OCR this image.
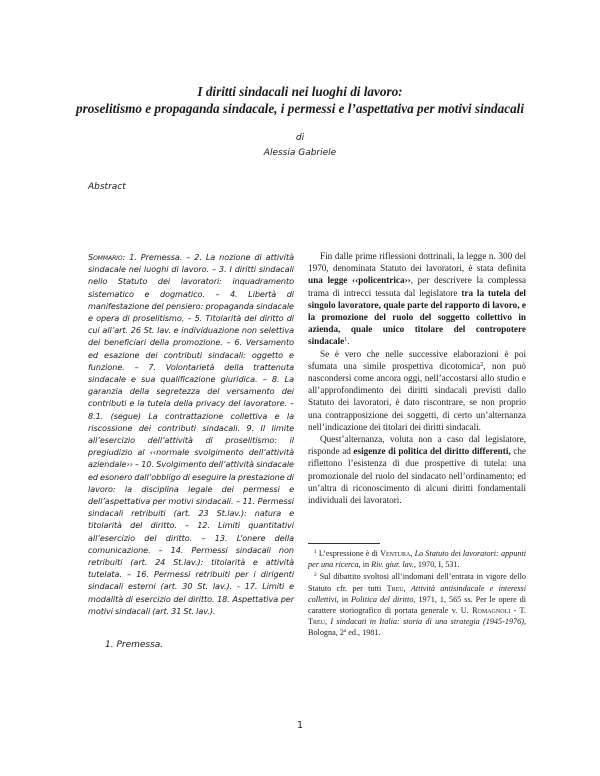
I diritti sindacali nei luoghi di lavoro:
proselitismo e propaganda sindacale, i permessi e l’aspettativa per motivi sindacali
di
Alessia Gabriele
Abstract
Sommario: 1. Premessa. – 2. La nozione di attività sindacale nei luoghi di lavoro. – 3. I diritti sindacali nello Statuto dei lavoratori: inquadramento sistematico e dogmatico. – 4. Libertà di manifestazione del pensiero: propaganda sindacale e opera di proselitismo. – 5. Titolarità del diritto di cui all’art. 26 St. lav. e individuazione non selettiva dei beneficiari della promozione. – 6. Versamento ed esazione dei contributi sindacali: oggetto e funzione. – 7. Volontarietà della trattenuta sindacale e sua qualificazione giuridica. – 8. La garanzia della segretezza del versamento dei contributi e la tutela della privacy del lavoratore. – 8.1. (segue) La contrattazione collettiva e la riscossione dei contributi sindacali. 9. Il limite all’esercizio dell’attività di proselitismo: il pregiudizio al ‹‹normale svolgimento dell’attività aziendale›› – 10. Svolgimento dell’attività sindacale ed esonero dall’obbligo di eseguire la prestazione di lavoro: la disciplina legale dei permessi e dell’aspettativa per motivi sindacali. – 11. Permessi sindacali retribuiti (art. 23 St.lav.): natura e titolarità del diritto. – 12. Limiti quantitativi all’esercizio del diritto. – 13. L’onere della comunicazione. – 14. Permessi sindacali non retribuiti (art. 24 St.lav.): titolarità e attività tutelata. – 16. Permessi retribuiti per i dirigenti sindacali esterni (art. 30 St. lav.). - 17. Limiti e modalità di esercizio del diritto. 18. Aspettativa per motivi sindacali (art. 31 St. lav.).
1. Premessa.

Fin dalle prime riflessioni dottrinali, la legge n. 300 del 1970, denominata Statuto dei lavoratori, è stata definita una legge ‹‹policentrica››, per descrivere la complessa trama di intrecci tessuta dal legislatore tra la tutela del singolo lavoratore, quale parte del rapporto di lavoro, e la promozione del ruolo del soggetto collettivo in azienda, quale unico titolare del contropotere sindacale$^1$.

Se è vero che nelle successive elaborazioni è poi sfumata una simile prospettiva dicotomica$^2$, non può nascondersi come ancora oggi, nell’accostarsi allo studio e all’approfondimento dei diritti sindacali previsti dallo Statuto dei lavoratori, è dato riscontrare, se non proprio una contrapposizione dei soggetti, di certo un’alternanza nell’indicazione dei titolari dei diritti sindacali.

Quest’alternanza, voluta non a caso dal legislatore, risponde ad esigenze di politica del diritto differenti, che riflettono l’esistenza di due prospettive di tutela: una promozionale del ruolo del sindacato nell’ordinamento; ed un’altra di riconoscimento di alcuni diritti fondamentali individuali dei lavoratori.

$^1$ L’espressione è di Ventura, Lo Statuto dei lavoratori: appunti per una ricerca, in Riv. giur. lav., 1970, I, 531.

$^2$ Sul dibattito svoltosi all’indomani dell’entrata in vigore dello Statuto cfr. per tutti Treu, Attività antisindacale e interessi collettivi, in Politica del diritto, 1971, 1, 565 ss. Per le opere di carattere storiografico di portata generale v. U. Romagnoli - T. Treu, I sindacati in Italia: storia di una strategia (1945-1976), Bologna, 2ª ed., 1981.

1
